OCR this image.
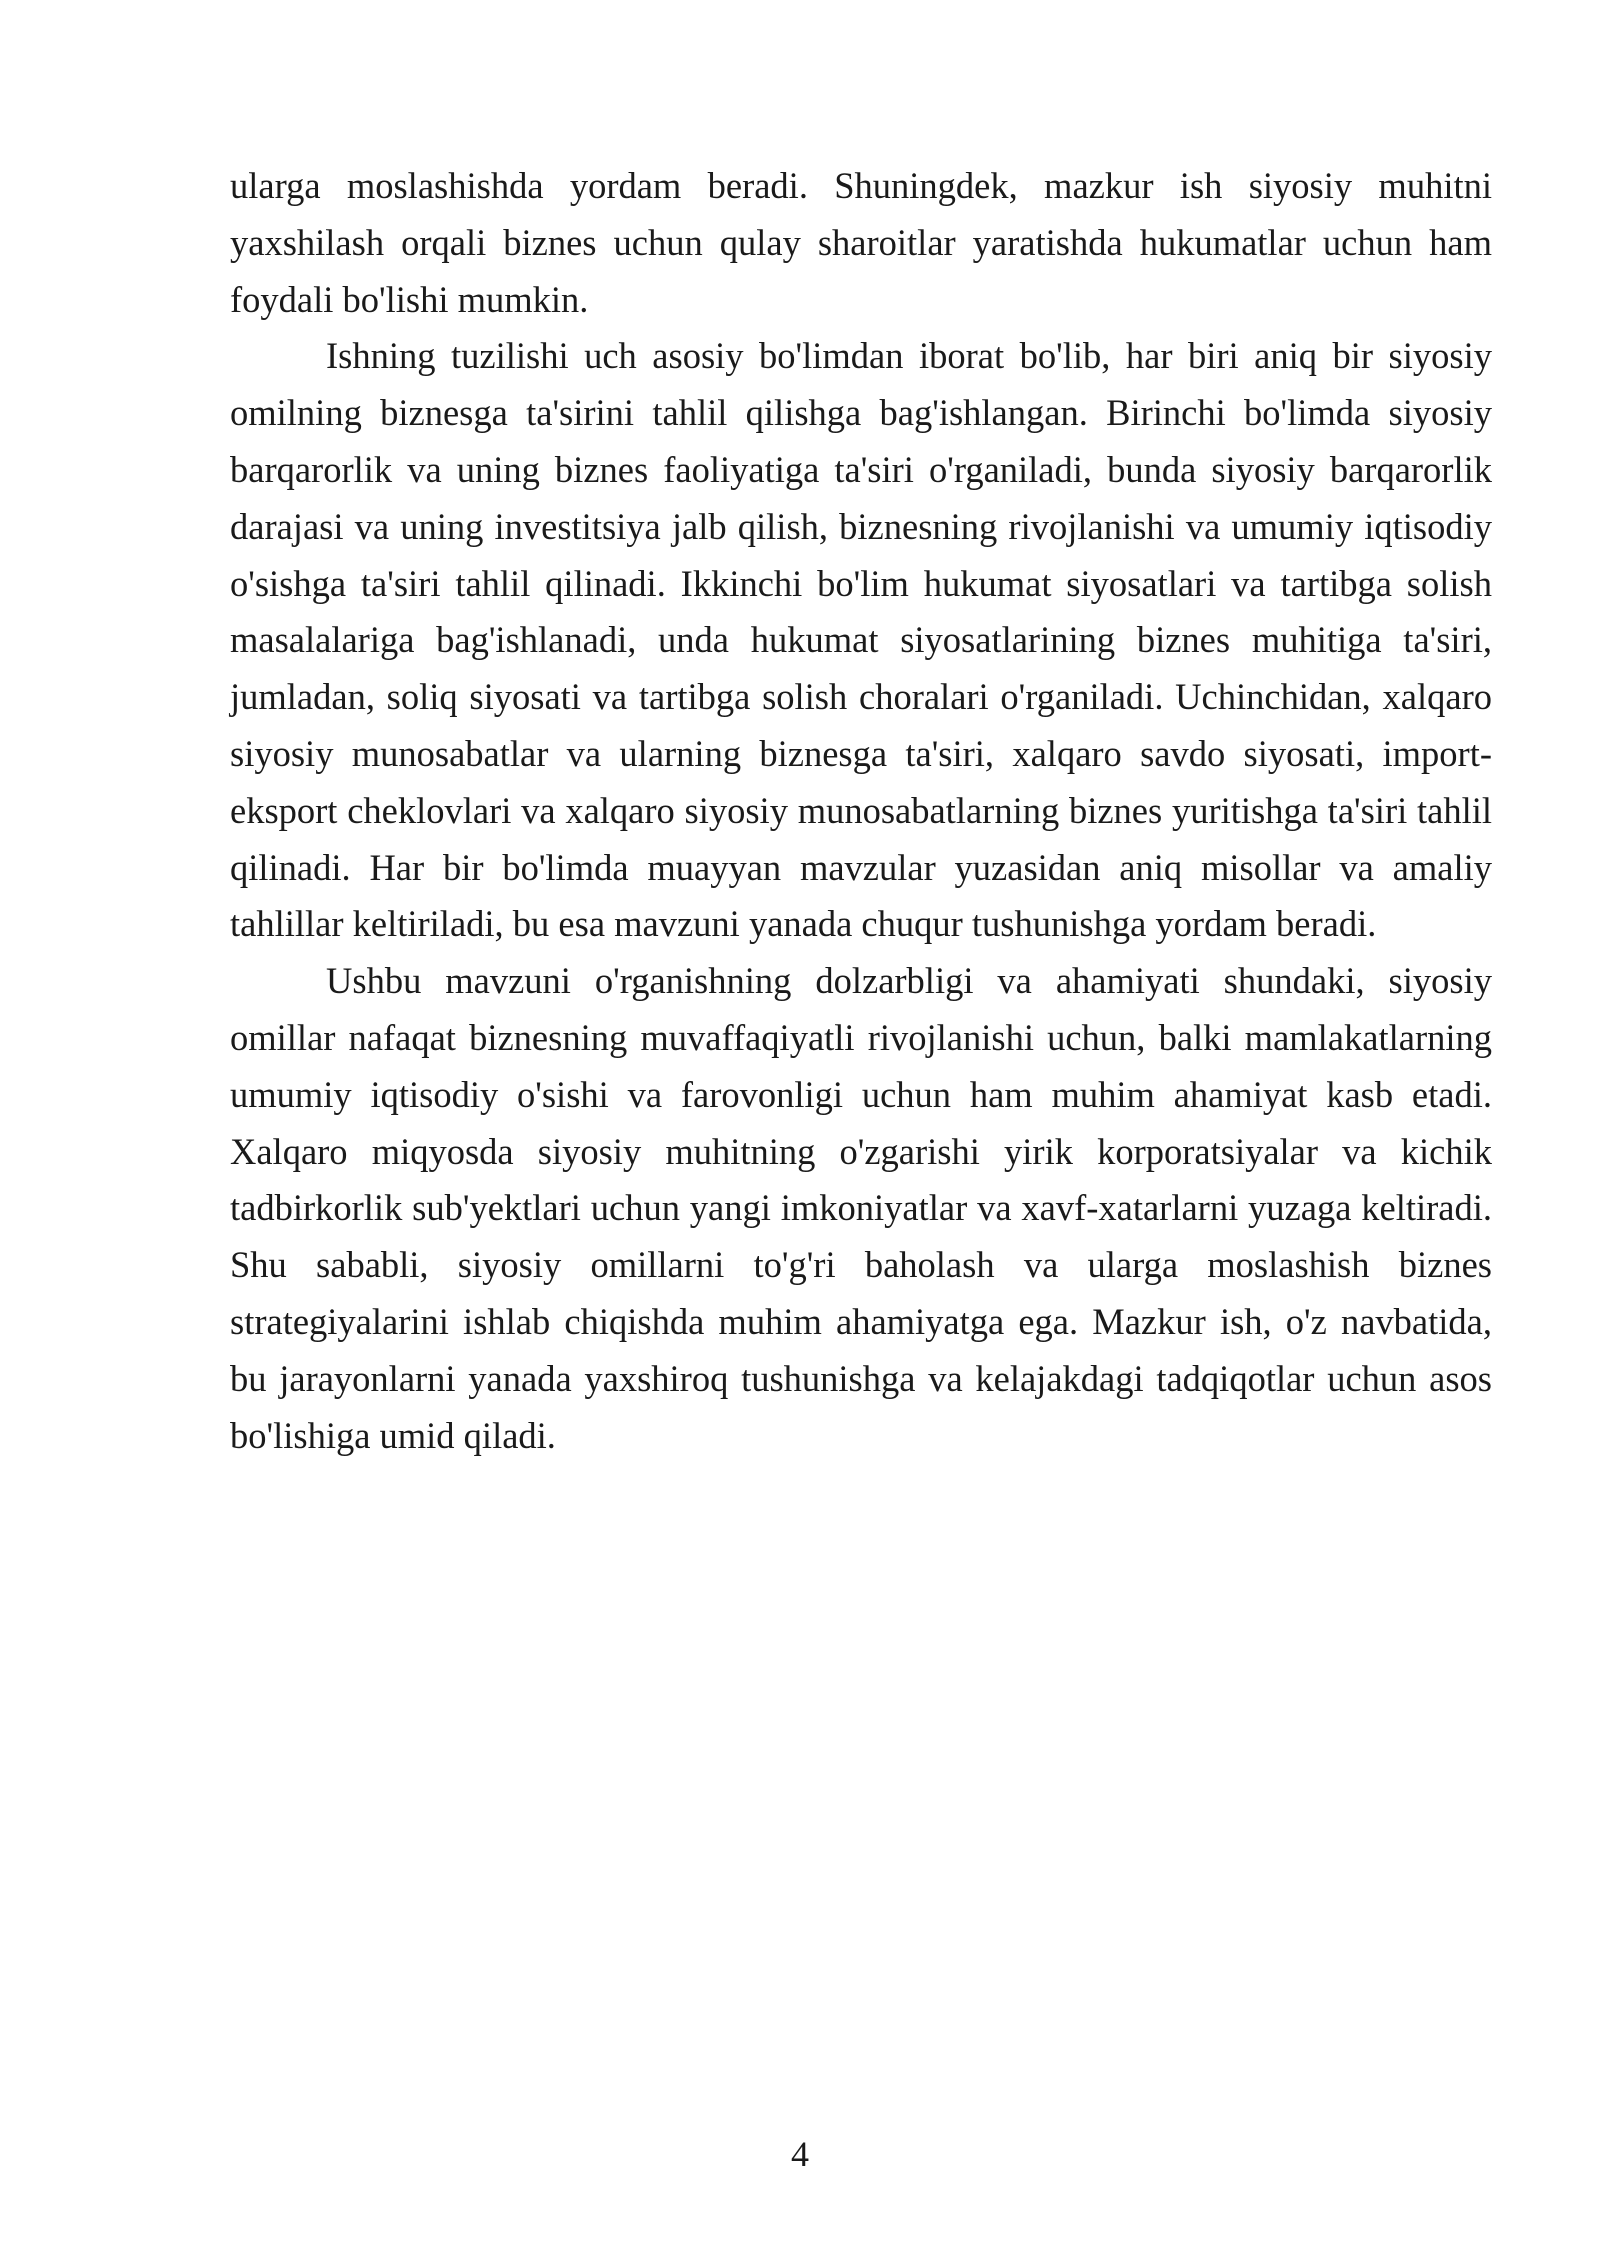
ularga moslashishda yordam beradi. Shuningdek, mazkur ish siyosiy muhitni yaxshilash orqali biznes uchun qulay sharoitlar yaratishda hukumatlar uchun ham foydali bo'lishi mumkin.

Ishning tuzilishi uch asosiy bo'limdan iborat bo'lib, har biri aniq bir siyosiy omilning biznesga ta'sirini tahlil qilishga bag'ishlangan. Birinchi bo'limda siyosiy barqarorlik va uning biznes faoliyatiga ta'siri o'rganiladi, bunda siyosiy barqarorlik darajasi va uning investitsiya jalb qilish, biznesning rivojlanishi va umumiy iqtisodiy o'sishga ta'siri tahlil qilinadi. Ikkinchi bo'lim hukumat siyosatlari va tartibga solish masalalariga bag'ishlanadi, unda hukumat siyosatlarining biznes muhitiga ta'siri, jumladan, soliq siyosati va tartibga solish choralari o'rganiladi. Uchinchidan, xalqaro siyosiy munosabatlar va ularning biznesga ta'siri, xalqaro savdo siyosati, import-eksport cheklovlari va xalqaro siyosiy munosabatlarning biznes yuritishga ta'siri tahlil qilinadi. Har bir bo'limda muayyan mavzular yuzasidan aniq misollar va amaliy tahlillar keltiriladi, bu esa mavzuni yanada chuqur tushunishga yordam beradi.

Ushbu mavzuni o'rganishning dolzarbligi va ahamiyati shundaki, siyosiy omillar nafaqat biznesning muvaffaqiyatli rivojlanishi uchun, balki mamlakatlarning umumiy iqtisodiy o'sishi va farovonligi uchun ham muhim ahamiyat kasb etadi. Xalqaro miqyosda siyosiy muhitning o'zgarishi yirik korporatsiyalar va kichik tadbirkorlik sub'yektlari uchun yangi imkoniyatlar va xavf-xatarlarni yuzaga keltiradi. Shu sababli, siyosiy omillarni to'g'ri baholash va ularga moslashish biznes strategiyalarini ishlab chiqishda muhim ahamiyatga ega. Mazkur ish, o'z navbatida, bu jarayonlarni yanada yaxshiroq tushunishga va kelajakdagi tadqiqotlar uchun asos bo'lishiga umid qiladi.

4
